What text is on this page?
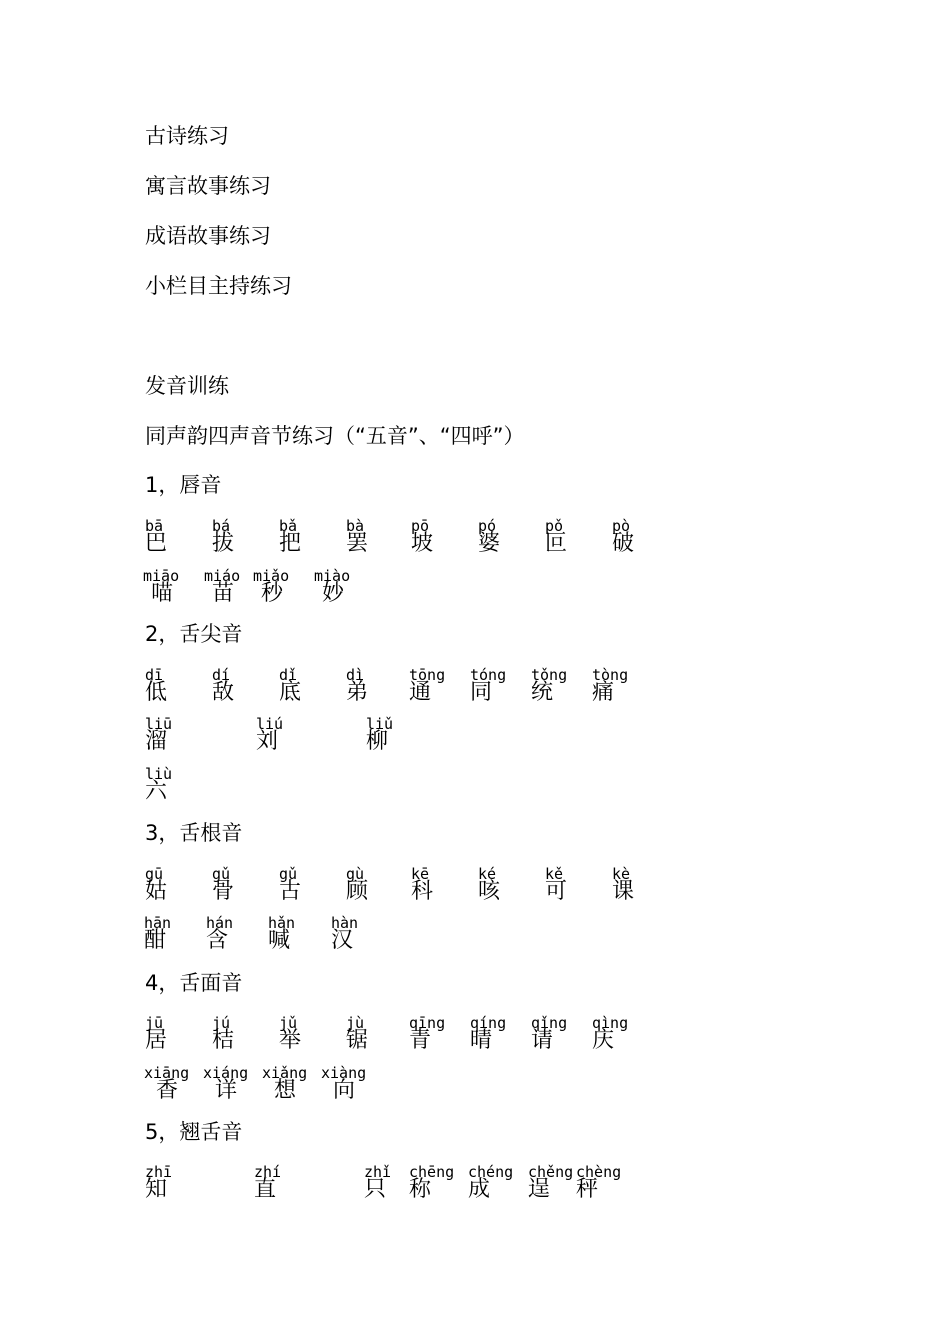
古诗练习
寓言故事练习
成语故事练习
小栏目主持练习
发音训练
同声韵四声音节练习（“五音”、“四呼”）
1，唇音
2，舌尖音
3，舌根音
4，舌面音
5，翘舌音
bā
巴
bá
拔
bǎ
把
bà
罢
pō
坡
pó
婆
pǒ
叵
pò
破
miāo
喵
miáo
苗
miǎo
秒
miào
妙
dī
低
dí
敌
dǐ
底
dì
弟
tōng
通
tóng
同
tǒng
统
tòng
痛
liū
溜
liú
刘
liǔ
柳
liù
六
gū
姑
gǔ
骨
gǔ
古
gù
顾
kē
科
ké
咳
kě
可
kè
课
hān
酣
hán
含
hǎn
喊
hàn
汉
jū
居
jú
桔
jǔ
举
jù
锯
qīng
青
qíng
晴
qǐng
请
qìng
庆
xiāng
香
xiáng
详
xiǎng
想
xiàng
向
zhī
知
zhí
直
zhǐ
只
chēng
称
chéng
成
chěng
逞
chèng
秤
